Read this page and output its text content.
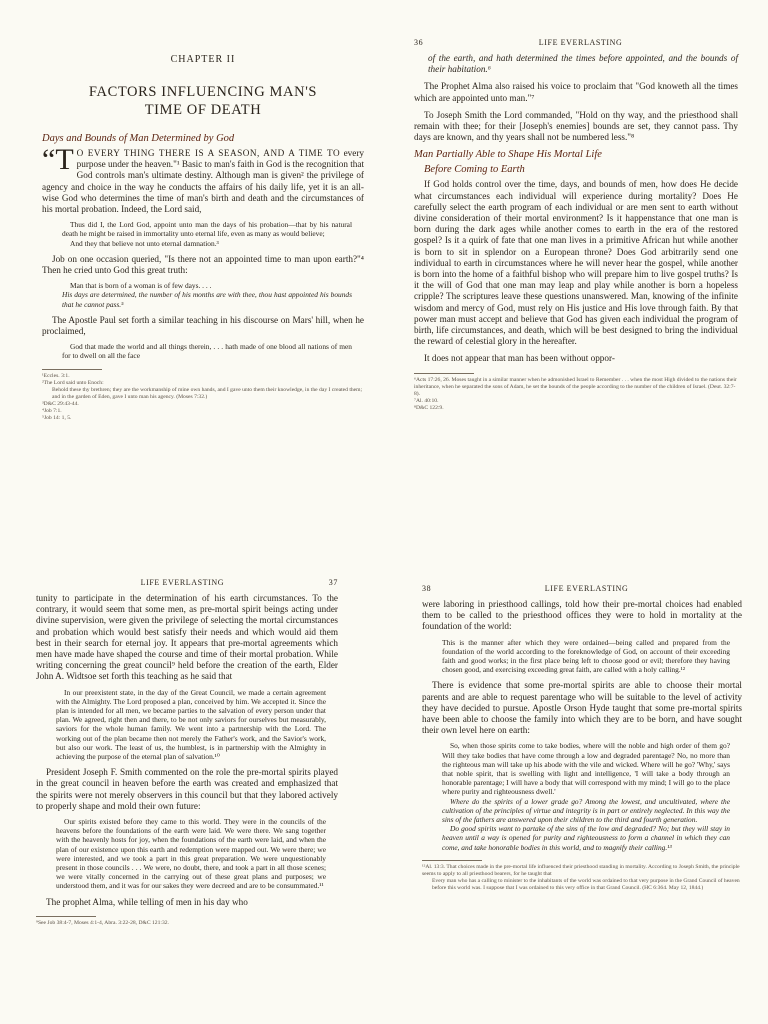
CHAPTER II
FACTORS INFLUENCING MAN'S
TIME OF DEATH
Days and Bounds of Man Determined by God

“T O EVERY THING THERE IS A SEASON, AND A TIME TO every purpose under the heaven."¹ Basic to man's faith in God is the recognition that God controls man's ultimate destiny. Although man is given² the privilege of agency and choice in the way he conducts the affairs of his daily life, yet it is an all-wise God who determines the time of man's birth and death and the circumstances of his mortal probation. Indeed, the Lord said,

Thus did I, the Lord God, appoint unto man the days of his probation—that by his natural death he might be raised in immortality unto eternal life, even as many as would believe;

And they that believe not unto eternal damnation.³

Job on one occasion queried, "Is there not an appointed time to man upon earth?"⁴ Then he cried unto God this great truth:

Man that is born of a woman is of few days. . . .

His days are determined, the number of his months are with thee, thou hast appointed his bounds that he cannot pass.⁵

The Apostle Paul set forth a similar teaching in his discourse on Mars' hill, when he proclaimed,

God that made the world and all things therein, . . . hath made of one blood all nations of men for to dwell on all the face

¹Eccles. 3:1.
²The Lord said unto Enoch:
Behold these thy brethren; they are the workmanship of mine own hands, and I gave unto them their knowledge, in the day I created them; and in the garden of Eden, gave I unto man his agency. (Moses 7:32.)
³D&C 29:43-44.
⁴Job 7:1.
⁵Job 14: 1, 5.
36	LIFE EVERLASTING

of the earth, and hath determined the times before appointed, and the bounds of their habitation.⁶

The Prophet Alma also raised his voice to proclaim that "God knoweth all the times which are appointed unto man."⁷

To Joseph Smith the Lord commanded, "Hold on thy way, and the priesthood shall remain with thee; for their [Joseph's enemies] bounds are set, they cannot pass. Thy days are known, and thy years shall not be numbered less."⁸

Man Partially Able to Shape His Mortal Life
Before Coming to Earth

If God holds control over the time, days, and bounds of men, how does He decide what circumstances each individual will experience during mortality? Does He carefully select the earth program of each individual or are men sent to earth without divine consideration of their mortal environment? Is it happenstance that one man is born during the dark ages while another comes to earth in the era of the restored gospel? Is it a quirk of fate that one man lives in a primitive African hut while another is born to sit in splendor on a European throne? Does God arbitrarily send one individual to earth in circumstances where he will never hear the gospel, while another is born into the home of a faithful bishop who will prepare him to live gospel truths? Is it the will of God that one man may leap and play while another is born a hopeless cripple? The scriptures leave these questions unanswered. Man, knowing of the infinite wisdom and mercy of God, must rely on His justice and His love through faith. By that power man must accept and believe that God has given each individual the program of birth, life circumstances, and death, which will be best designed to bring the individual the reward of celestial glory in the hereafter.

It does not appear that man has been without oppor-

⁶Acts 17:26, 26. Moses taught in a similar manner when he admonished Israel to Remember . . . when the most High divided to the nations their inheritance, when he separated the sons of Adam, he set the bounds of the people according to the number of the children of Israel. (Deut. 32:7-8).
⁷Al. 40:10.
⁸D&C 122:9.
LIFE EVERLASTING	37

tunity to participate in the determination of his earth circumstances. To the contrary, it would seem that some men, as pre-mortal spirit beings acting under divine supervision, were given the privilege of selecting the mortal circumstances and probation which would best satisfy their needs and which would aid them best in their search for eternal joy. It appears that pre-mortal agreements which men have made have shaped the course and time of their mortal probation. While writing concerning the great council⁹ held before the creation of the earth, Elder John A. Widtsoe set forth this teaching as he said that

In our preexistent state, in the day of the Great Council, we made a certain agreement with the Almighty. The Lord proposed a plan, conceived by him. We accepted it. Since the plan is intended for all men, we became parties to the salvation of every person under that plan. We agreed, right then and there, to be not only saviors for ourselves but measurably, saviors for the whole human family. We went into a partnership with the Lord. The working out of the plan became then not merely the Father's work, and the Savior's work, but also our work. The least of us, the humblest, is in partnership with the Almighty in achieving the purpose of the eternal plan of salvation.¹⁰

President Joseph F. Smith commented on the role the pre-mortal spirits played in the great council in heaven before the earth was created and emphasized that the spirits were not merely observers in this council but that they labored actively to properly shape and mold their own future:

Our spirits existed before they came to this world. They were in the councils of the heavens before the foundations of the earth were laid. We were there. We sang together with the heavenly hosts for joy, when the foundations of the earth were laid, and when the plan of our existence upon this earth and redemption were mapped out. We were there; we were interested, and we took a part in this great preparation. We were unquestionably present in those councils . . . We were, no doubt, there, and took a part in all those scenes; we were vitally concerned in the carrying out of these great plans and purposes; we understood them, and it was for our sakes they were decreed and are to be consummated.¹¹

The prophet Alma, while telling of men in his day who

⁹See Job 38:4-7, Moses 4:1-4, Abra. 3:22-28, D&C 121:32.
38	LIFE EVERLASTING

were laboring in priesthood callings, told how their pre-mortal choices had enabled them to be called to the priesthood offices they were to hold in mortality at the foundation of the world:

This is the manner after which they were ordained—being called and prepared from the foundation of the world according to the foreknowledge of God, on account of their exceeding faith and good works; in the first place being left to choose good or evil; therefore they having chosen good, and exercising exceeding great faith, are called with a holy calling.¹²

There is evidence that some pre-mortal spirits are able to choose their mortal parents and are able to request parentage who will be suitable to the level of activity they have decided to pursue. Apostle Orson Hyde taught that some pre-mortal spirits have been able to choose the family into which they are to be born, and have sought their own level here on earth:

So, when those spirits come to take bodies, where will the noble and high order of them go? Will they take bodies that have come through a low and degraded parentage? No, no more than the righteous man will take up his abode with the vile and wicked. Where will he go? 'Why,' says that noble spirit, that is swelling with light and intelligence, 'I will take a body through an honorable parentage; I will have a body that will correspond with my mind; I will go to the place where purity and righteousness dwell.'

Where do the spirits of a lower grade go? Among the lowest, and uncultivated, where the cultivation of the principles of virtue and integrity is in part or entirely neglected. In this way the sins of the fathers are answered upon their children to the third and fourth generation.

Do good spirits want to partake of the sins of the low and degraded? No; but they will stay in heaven until a way is opened for purity and righteousness to form a channel in which they can come, and take honorable bodies in this world, and to magnify their calling.¹³

¹²Al. 13:3. That choices made in the pre-mortal life influenced their priesthood standing in mortality. According to Joseph Smith, the principle seems to apply to all priesthood bearers, for he taught that
Every man who has a calling to minister to the inhabitants of the world was ordained to that very purpose in the Grand Council of heaven before this world was. I suppose that I was ordained to this very office in that Grand Council. (HC 6:364. May 12, 1844.)
